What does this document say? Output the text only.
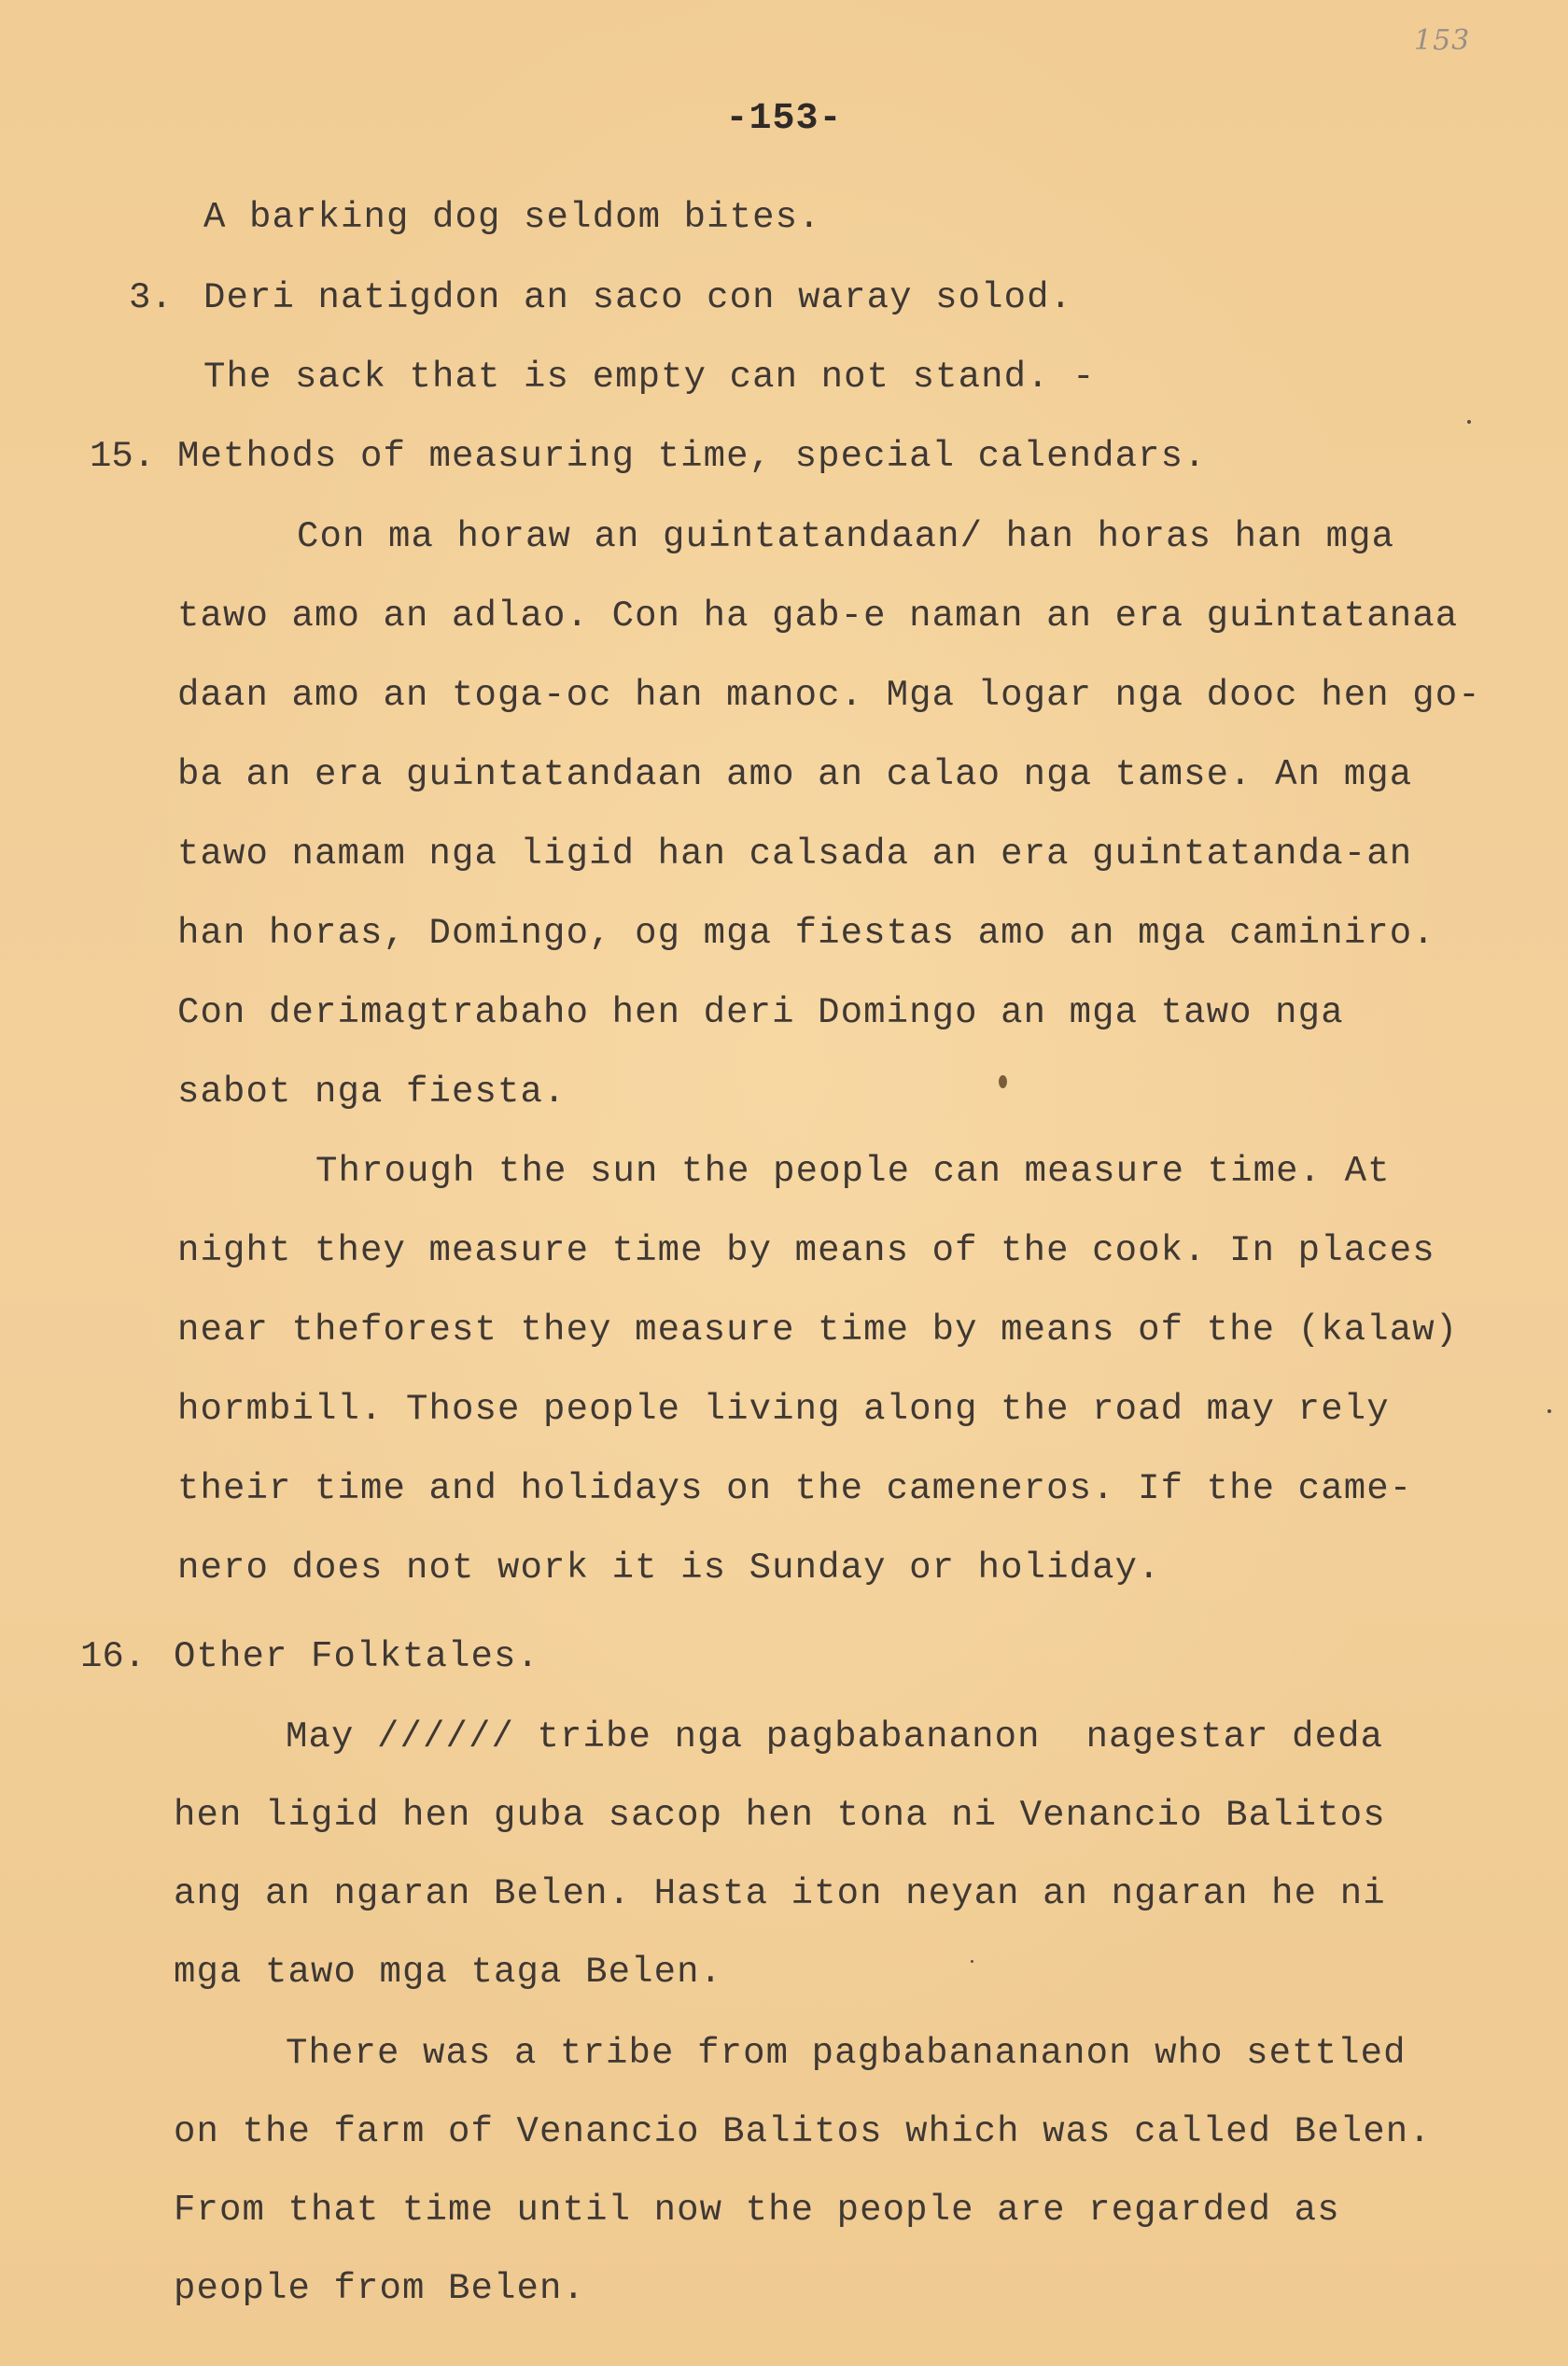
153
-153-
A barking dog seldom bites.
3. Deri natigdon an saco con waray solod.
The sack that is empty can not stand. -
15. Methods of measuring time, special calendars.
Con ma horaw an guintatandaan/ han horas han mga
tawo amo an adlao. Con ha gab-e naman an era guintatanaa
daan amo an toga-oc han manoc. Mga logar nga dooc hen go-
ba an era guintatandaan amo an calao nga tamse. An mga
tawo namam nga ligid han calsada an era guintatanda-an
han horas, Domingo, og mga fiestas amo an mga caminiro.
Con derimagtrabaho hen deri Domingo an mga tawo nga
sabot nga fiesta.
Through the sun the people can measure time. At
night they measure time by means of the cook. In places
near theforest they measure time by means of the (kalaw)
hormbill. Those people living along the road may rely
their time and holidays on the cameneros. If the came-
nero does not work it is Sunday or holiday.
16. Other Folktales.
May ////// tribe nga pagbabananon  nagestar deda
hen ligid hen guba sacop hen tona ni Venancio Balitos
ang an ngaran Belen. Hasta iton neyan an ngaran he ni
mga tawo mga taga Belen.
There was a tribe from pagbabanananon who settled
on the farm of Venancio Balitos which was called Belen.
From that time until now the people are regarded as
people from Belen.
